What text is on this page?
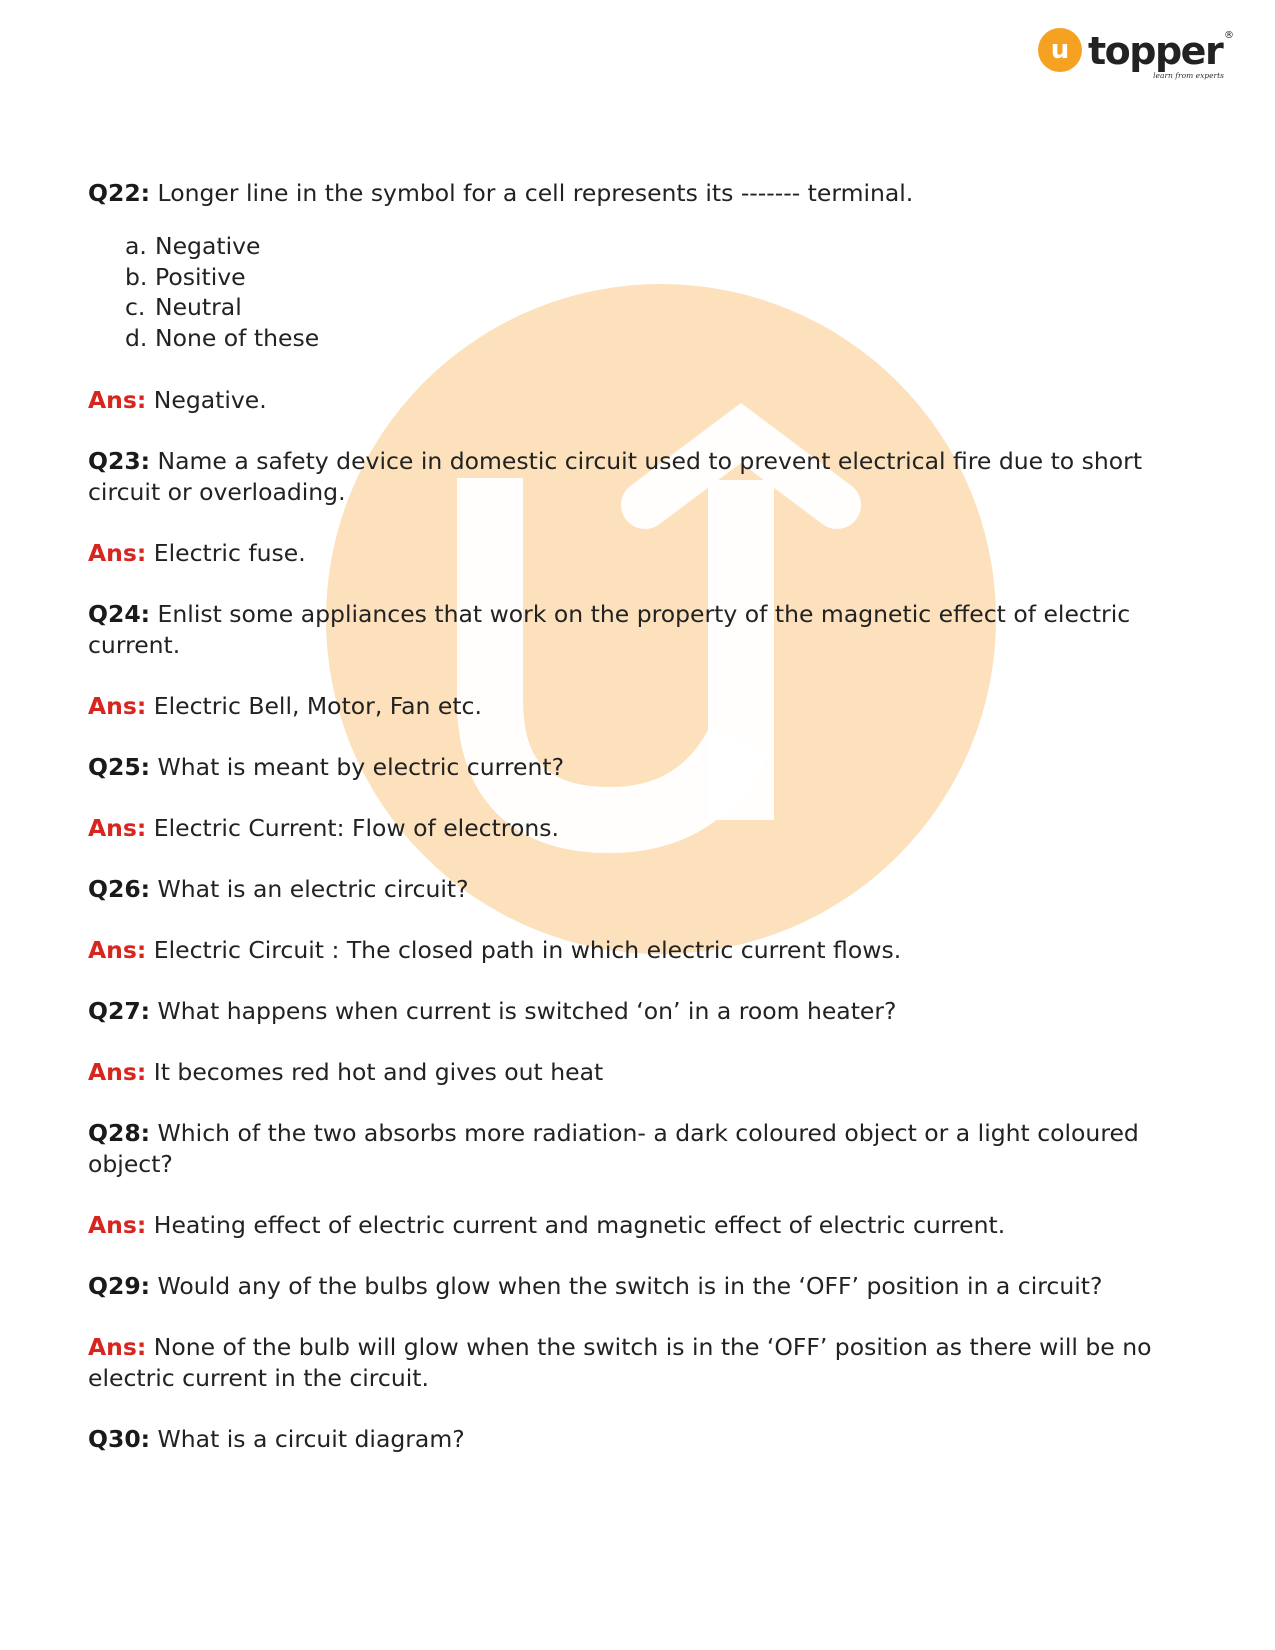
u topper ®
learn from experts

Q22: Longer line in the symbol for a cell represents its ------- terminal.

a. Negative
b. Positive
c. Neutral
d. None of these

Ans: Negative.

Q23: Name a safety device in domestic circuit used to prevent electrical fire due to short circuit or overloading.

Ans: Electric fuse.

Q24: Enlist some appliances that work on the property of the magnetic effect of electric current.

Ans: Electric Bell, Motor, Fan etc.

Q25: What is meant by electric current?

Ans: Electric Current: Flow of electrons.

Q26: What is an electric circuit?

Ans: Electric Circuit : The closed path in which electric current flows.

Q27: What happens when current is switched ‘on’ in a room heater?

Ans: It becomes red hot and gives out heat

Q28: Which of the two absorbs more radiation- a dark coloured object or a light coloured object?

Ans: Heating effect of electric current and magnetic effect of electric current.

Q29: Would any of the bulbs glow when the switch is in the ‘OFF’ position in a circuit?

Ans: None of the bulb will glow when the switch is in the ‘OFF’ position as there will be no electric current in the circuit.

Q30: What is a circuit diagram?
